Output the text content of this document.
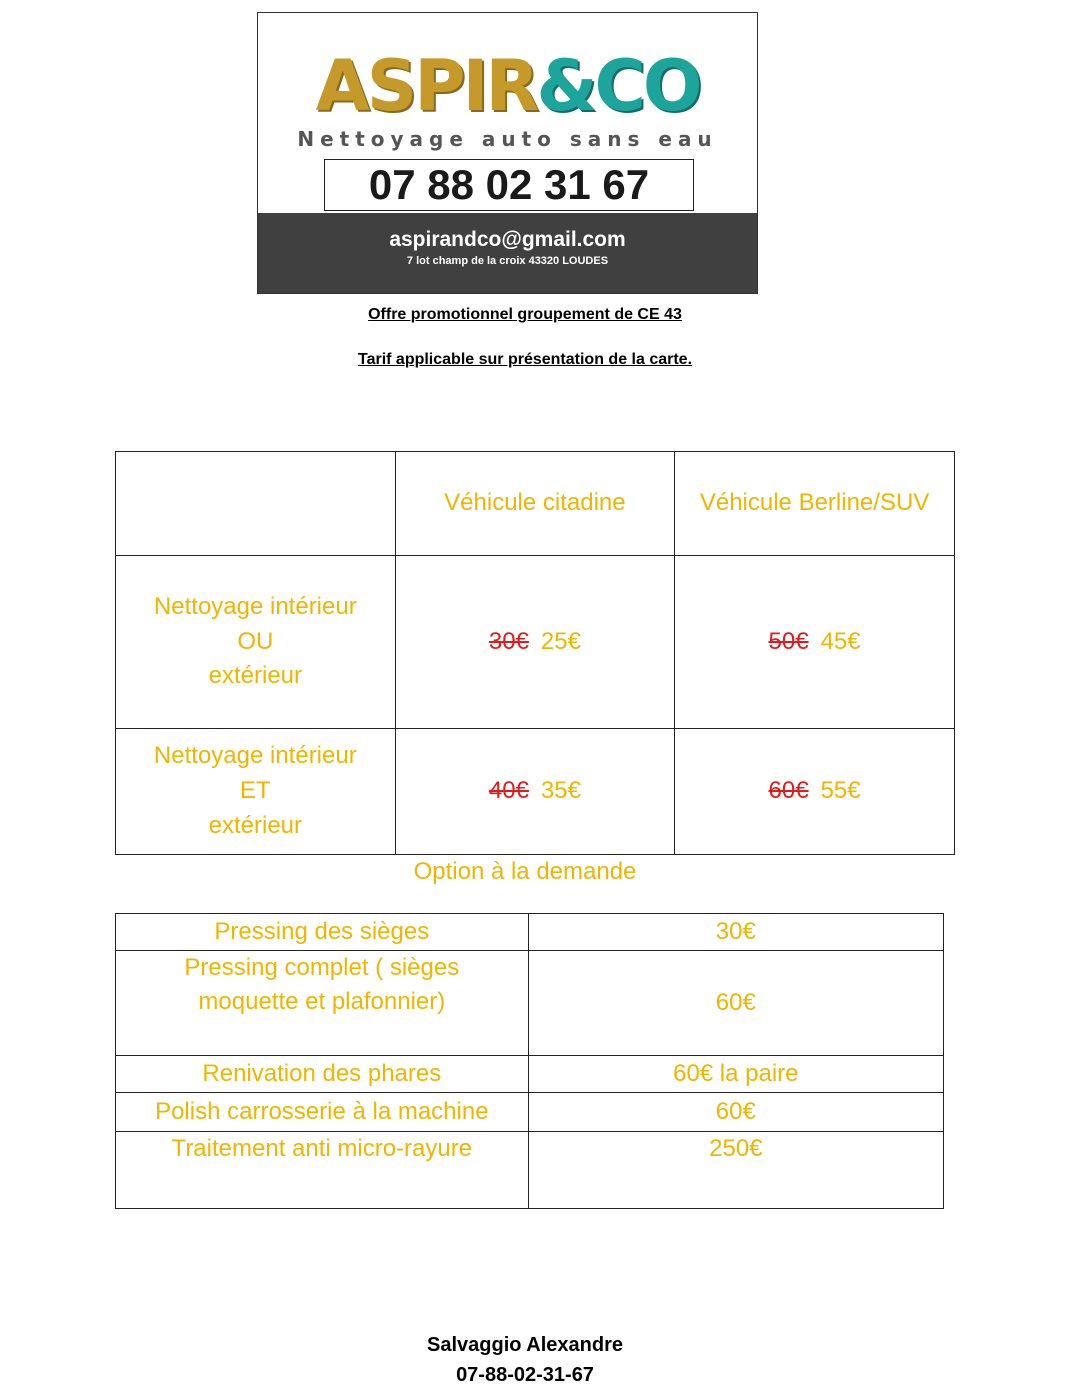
ASPIR&CO
Nettoyage auto sans eau
07 88 02 31 67
aspirandco@gmail.com
7 lot champ de la croix 43320 LOUDES
Offre promotionnel groupement de CE 43
Tarif applicable sur présentation de la carte.
	Véhicule citadine	Véhicule Berline/SUV

Nettoyage intérieur
OU
extérieur	30€ 25€	50€ 45€

Nettoyage intérieur
ET
extérieur	40€ 35€	60€ 55€
Option à la demande
Pressing des sièges	30€

Pressing complet ( sièges
moquette et plafonnier)	60€
Renivation des phares	60€ la paire
Polish carrosserie à la machine	60€
Traitement anti micro-rayure	250€
Salvaggio Alexandre
07-88-02-31-67
